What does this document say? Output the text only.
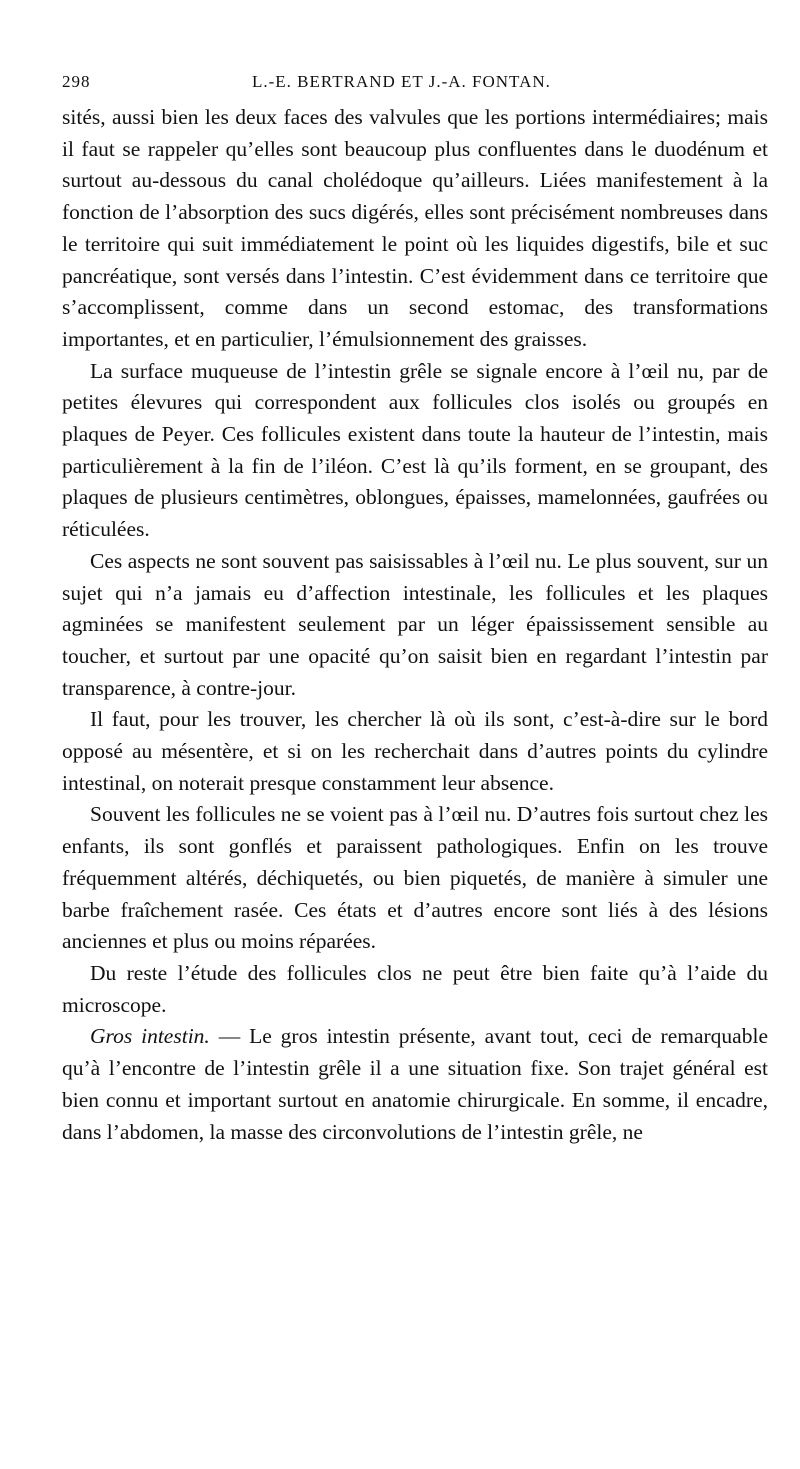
298	L.-E. BERTRAND ET J.-A. FONTAN.

sités, aussi bien les deux faces des valvules que les portions intermédiaires; mais il faut se rappeler qu’elles sont beaucoup plus confluentes dans le duodénum et surtout au-dessous du canal cholédoque qu’ailleurs. Liées manifestement à la fonction de l’absorption des sucs digérés, elles sont précisément nombreuses dans le territoire qui suit immédiatement le point où les liquides digestifs, bile et suc pancréatique, sont versés dans l’intestin. C’est évidemment dans ce territoire que s’accomplissent, comme dans un second estomac, des transformations importantes, et en particulier, l’émulsionnement des graisses.

La surface muqueuse de l’intestin grêle se signale encore à l’œil nu, par de petites élevures qui correspondent aux follicules clos isolés ou groupés en plaques de Peyer. Ces follicules existent dans toute la hauteur de l’intestin, mais particulièrement à la fin de l’iléon. C’est là qu’ils forment, en se groupant, des plaques de plusieurs centimètres, oblongues, épaisses, mamelonnées, gaufrées ou réticulées.

Ces aspects ne sont souvent pas saisissables à l’œil nu. Le plus souvent, sur un sujet qui n’a jamais eu d’affection intestinale, les follicules et les plaques agminées se manifestent seulement par un léger épaississement sensible au toucher, et surtout par une opacité qu’on saisit bien en regardant l’intestin par transparence, à contre-jour.

Il faut, pour les trouver, les chercher là où ils sont, c’est-à-dire sur le bord opposé au mésentère, et si on les recherchait dans d’autres points du cylindre intestinal, on noterait presque constamment leur absence.

Souvent les follicules ne se voient pas à l’œil nu. D’autres fois surtout chez les enfants, ils sont gonflés et paraissent pathologiques. Enfin on les trouve fréquemment altérés, déchiquetés, ou bien piquetés, de manière à simuler une barbe fraîchement rasée. Ces états et d’autres encore sont liés à des lésions anciennes et plus ou moins réparées.

Du reste l’étude des follicules clos ne peut être bien faite qu’à l’aide du microscope.

Gros intestin. — Le gros intestin présente, avant tout, ceci de remarquable qu’à l’encontre de l’intestin grêle il a une situation fixe. Son trajet général est bien connu et important surtout en anatomie chirurgicale. En somme, il encadre, dans l’abdomen, la masse des circonvolutions de l’intestin grêle, ne
